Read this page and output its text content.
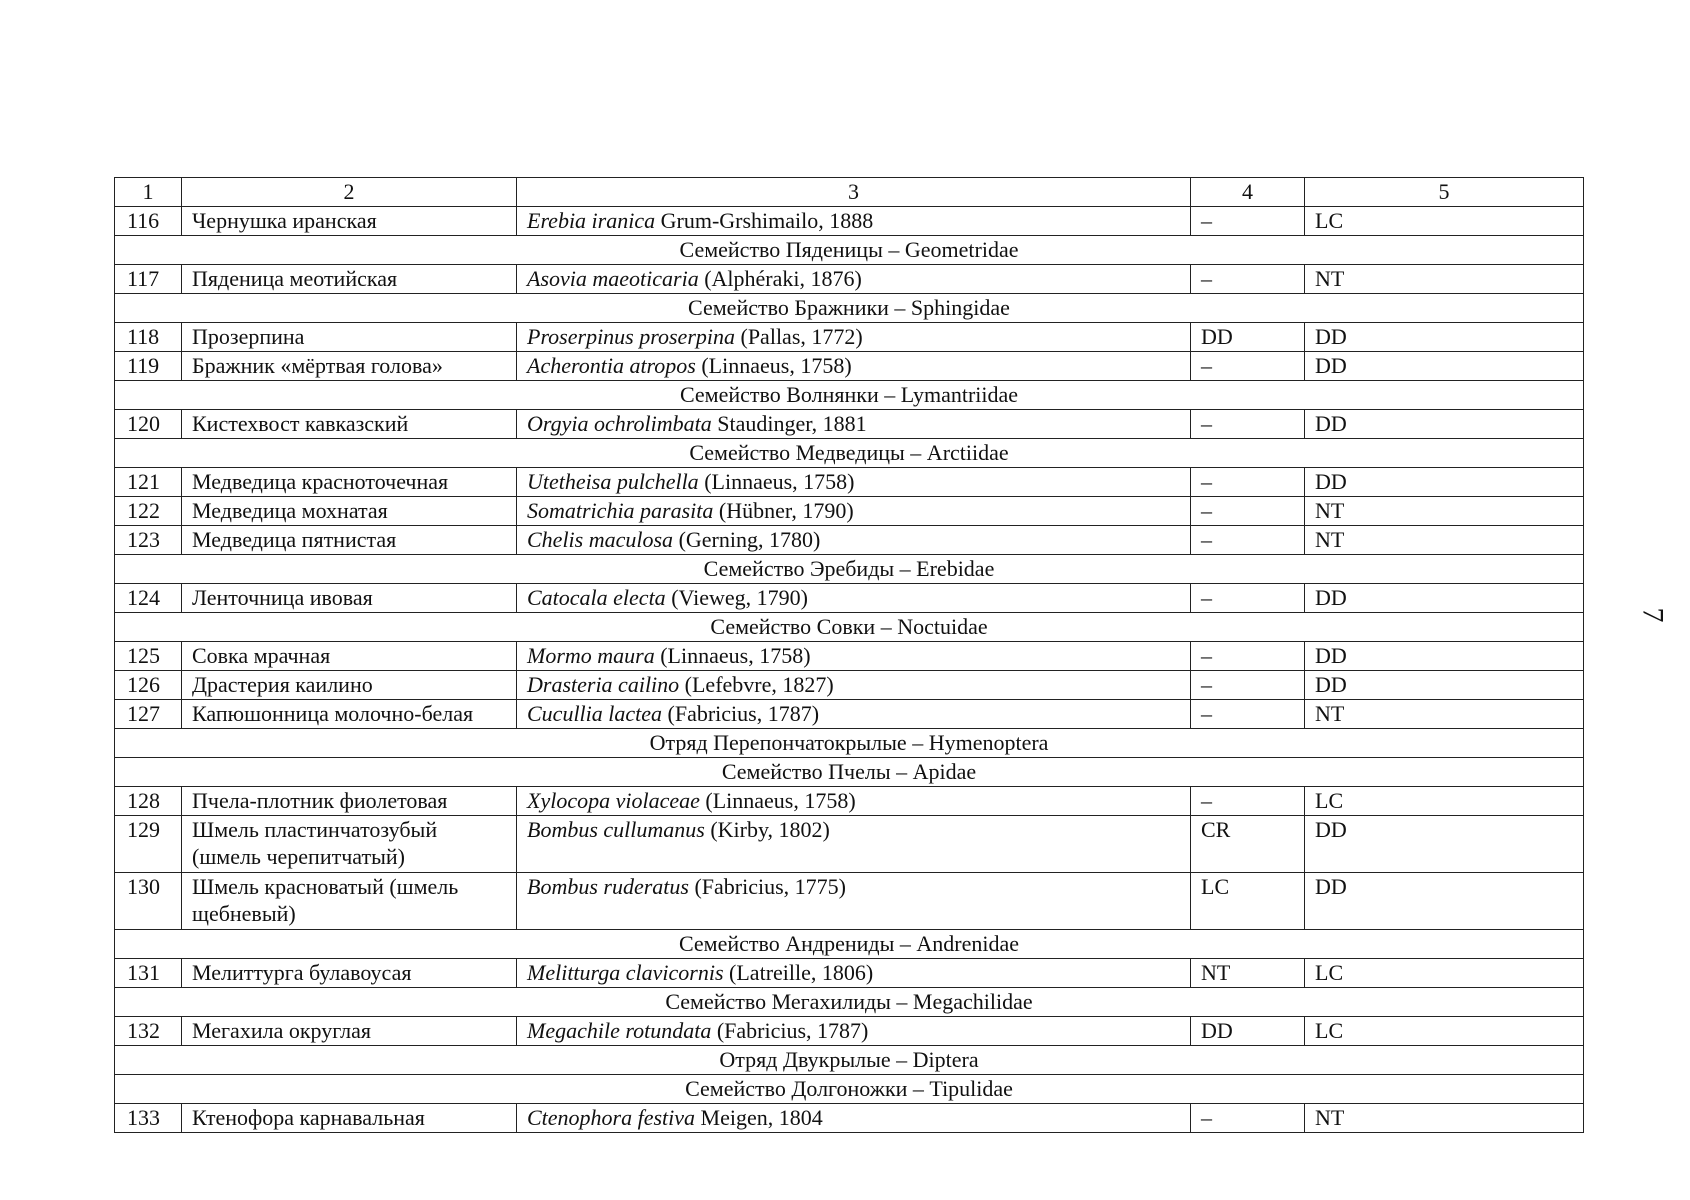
1	2	3	4	5
116	Чернушка иранская	Erebia iranica Grum-Grshimailo, 1888	–	LC
Семейство Пяденицы – Geometridae				
117	Пяденица меотийская	Asovia maeoticaria (Alphéraki, 1876)	–	NT
Семейство Бражники – Sphingidae				
118	Прозерпина	Proserpinus proserpina (Pallas, 1772)	DD	DD
119	Бражник «мёртвая голова»	Acherontia atropos (Linnaeus, 1758)	–	DD
Семейство Волнянки – Lymantriidae				
120	Кистехвост кавказский	Orgyia ochrolimbata Staudinger, 1881	–	DD
Семейство Медведицы – Arctiidae				
121	Медведица красноточечная	Utetheisa pulchella (Linnaeus, 1758)	–	DD
122	Медведица мохнатая	Somatrichia parasita (Hübner, 1790)	–	NT
123	Медведица пятнистая	Chelis maculosa (Gerning, 1780)	–	NT
Семейство Эребиды – Erebidae				
124	Ленточница ивовая	Catocala electa (Vieweg, 1790)	–	DD
Семейство Совки – Noctuidae				
125	Совка мрачная	Mormo maura (Linnaeus, 1758)	–	DD
126	Драстерия каилино	Drasteria cailino (Lefebvre, 1827)	–	DD
127	Капюшонница молочно-белая	Cucullia lactea (Fabricius, 1787)	–	NT
Отряд Перепончатокрылые – Hymenoptera				
Семейство Пчелы – Apidae				
128	Пчела-плотник фиолетовая	Xylocopa violaceae (Linnaeus, 1758)	–	LC
129	Шмель пластинчатозубый (шмель черепитчатый)	Bombus cullumanus (Kirby, 1802)	CR	DD
130	Шмель красноватый (шмель щебневый)	Bombus ruderatus (Fabricius, 1775)	LC	DD
Семейство Андрениды – Andrenidae				
131	Мелиттурга булавоусая	Melitturga clavicornis (Latreille, 1806)	NT	LC
Семейство Мегахилиды – Megachilidae				
132	Мегахила округлая	Megachile rotundata (Fabricius, 1787)	DD	LC
Отряд Двукрылые – Diptera				
Семейство Долгоножки – Tipulidae				
133	Ктенофора карнавальная	Ctenophora festiva Meigen, 1804	–	NT
7
